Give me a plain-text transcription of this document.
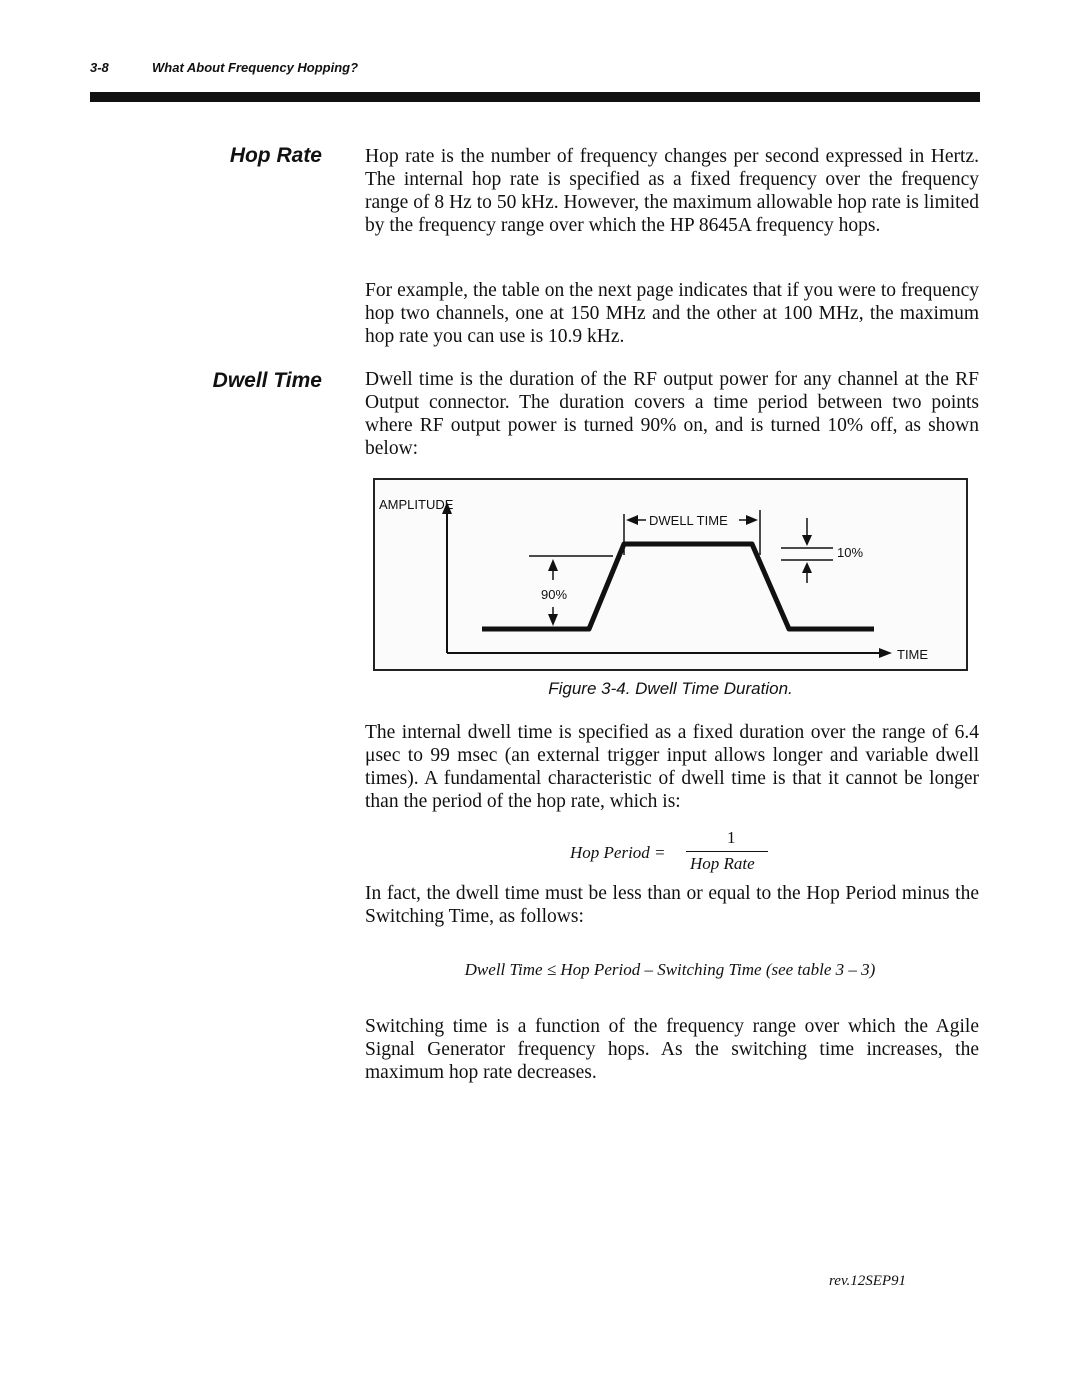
3-8	What About Frequency Hopping?
Hop Rate Hop rate is the number of frequency changes per second expressed in Hertz. The internal hop rate is specified as a fixed frequency over the frequency range of 8 Hz to 50 kHz. However, the maximum allowable hop rate is limited by the frequency range over which the HP 8645A frequency hops.
For example, the table on the next page indicates that if you were to frequency hop two channels, one at 150 MHz and the other at 100 MHz, the maximum hop rate you can use is 10.9 kHz.
Dwell Time Dwell time is the duration of the RF output power for any channel at the RF Output connector. The duration covers a time period between two points where RF output power is turned 90% on, and is turned 10% off, as shown below:
AMPLITUDE
TIME
DWELL TIME
90%
10%
Figure 3-4. Dwell Time Duration.
The internal dwell time is specified as a fixed duration over the range of 6.4 μsec to 99 msec (an external trigger input allows longer and variable dwell times). A fundamental characteristic of dwell time is that it cannot be longer than the period of the hop rate, which is:
Hop Period =
1
Hop Rate
In fact, the dwell time must be less than or equal to the Hop Period minus the Switching Time, as follows:
Dwell Time ≤ Hop Period – Switching Time (see table 3 – 3)
Switching time is a function of the frequency range over which the Agile Signal Generator frequency hops. As the switching time increases, the maximum hop rate decreases.
rev.12SEP91
